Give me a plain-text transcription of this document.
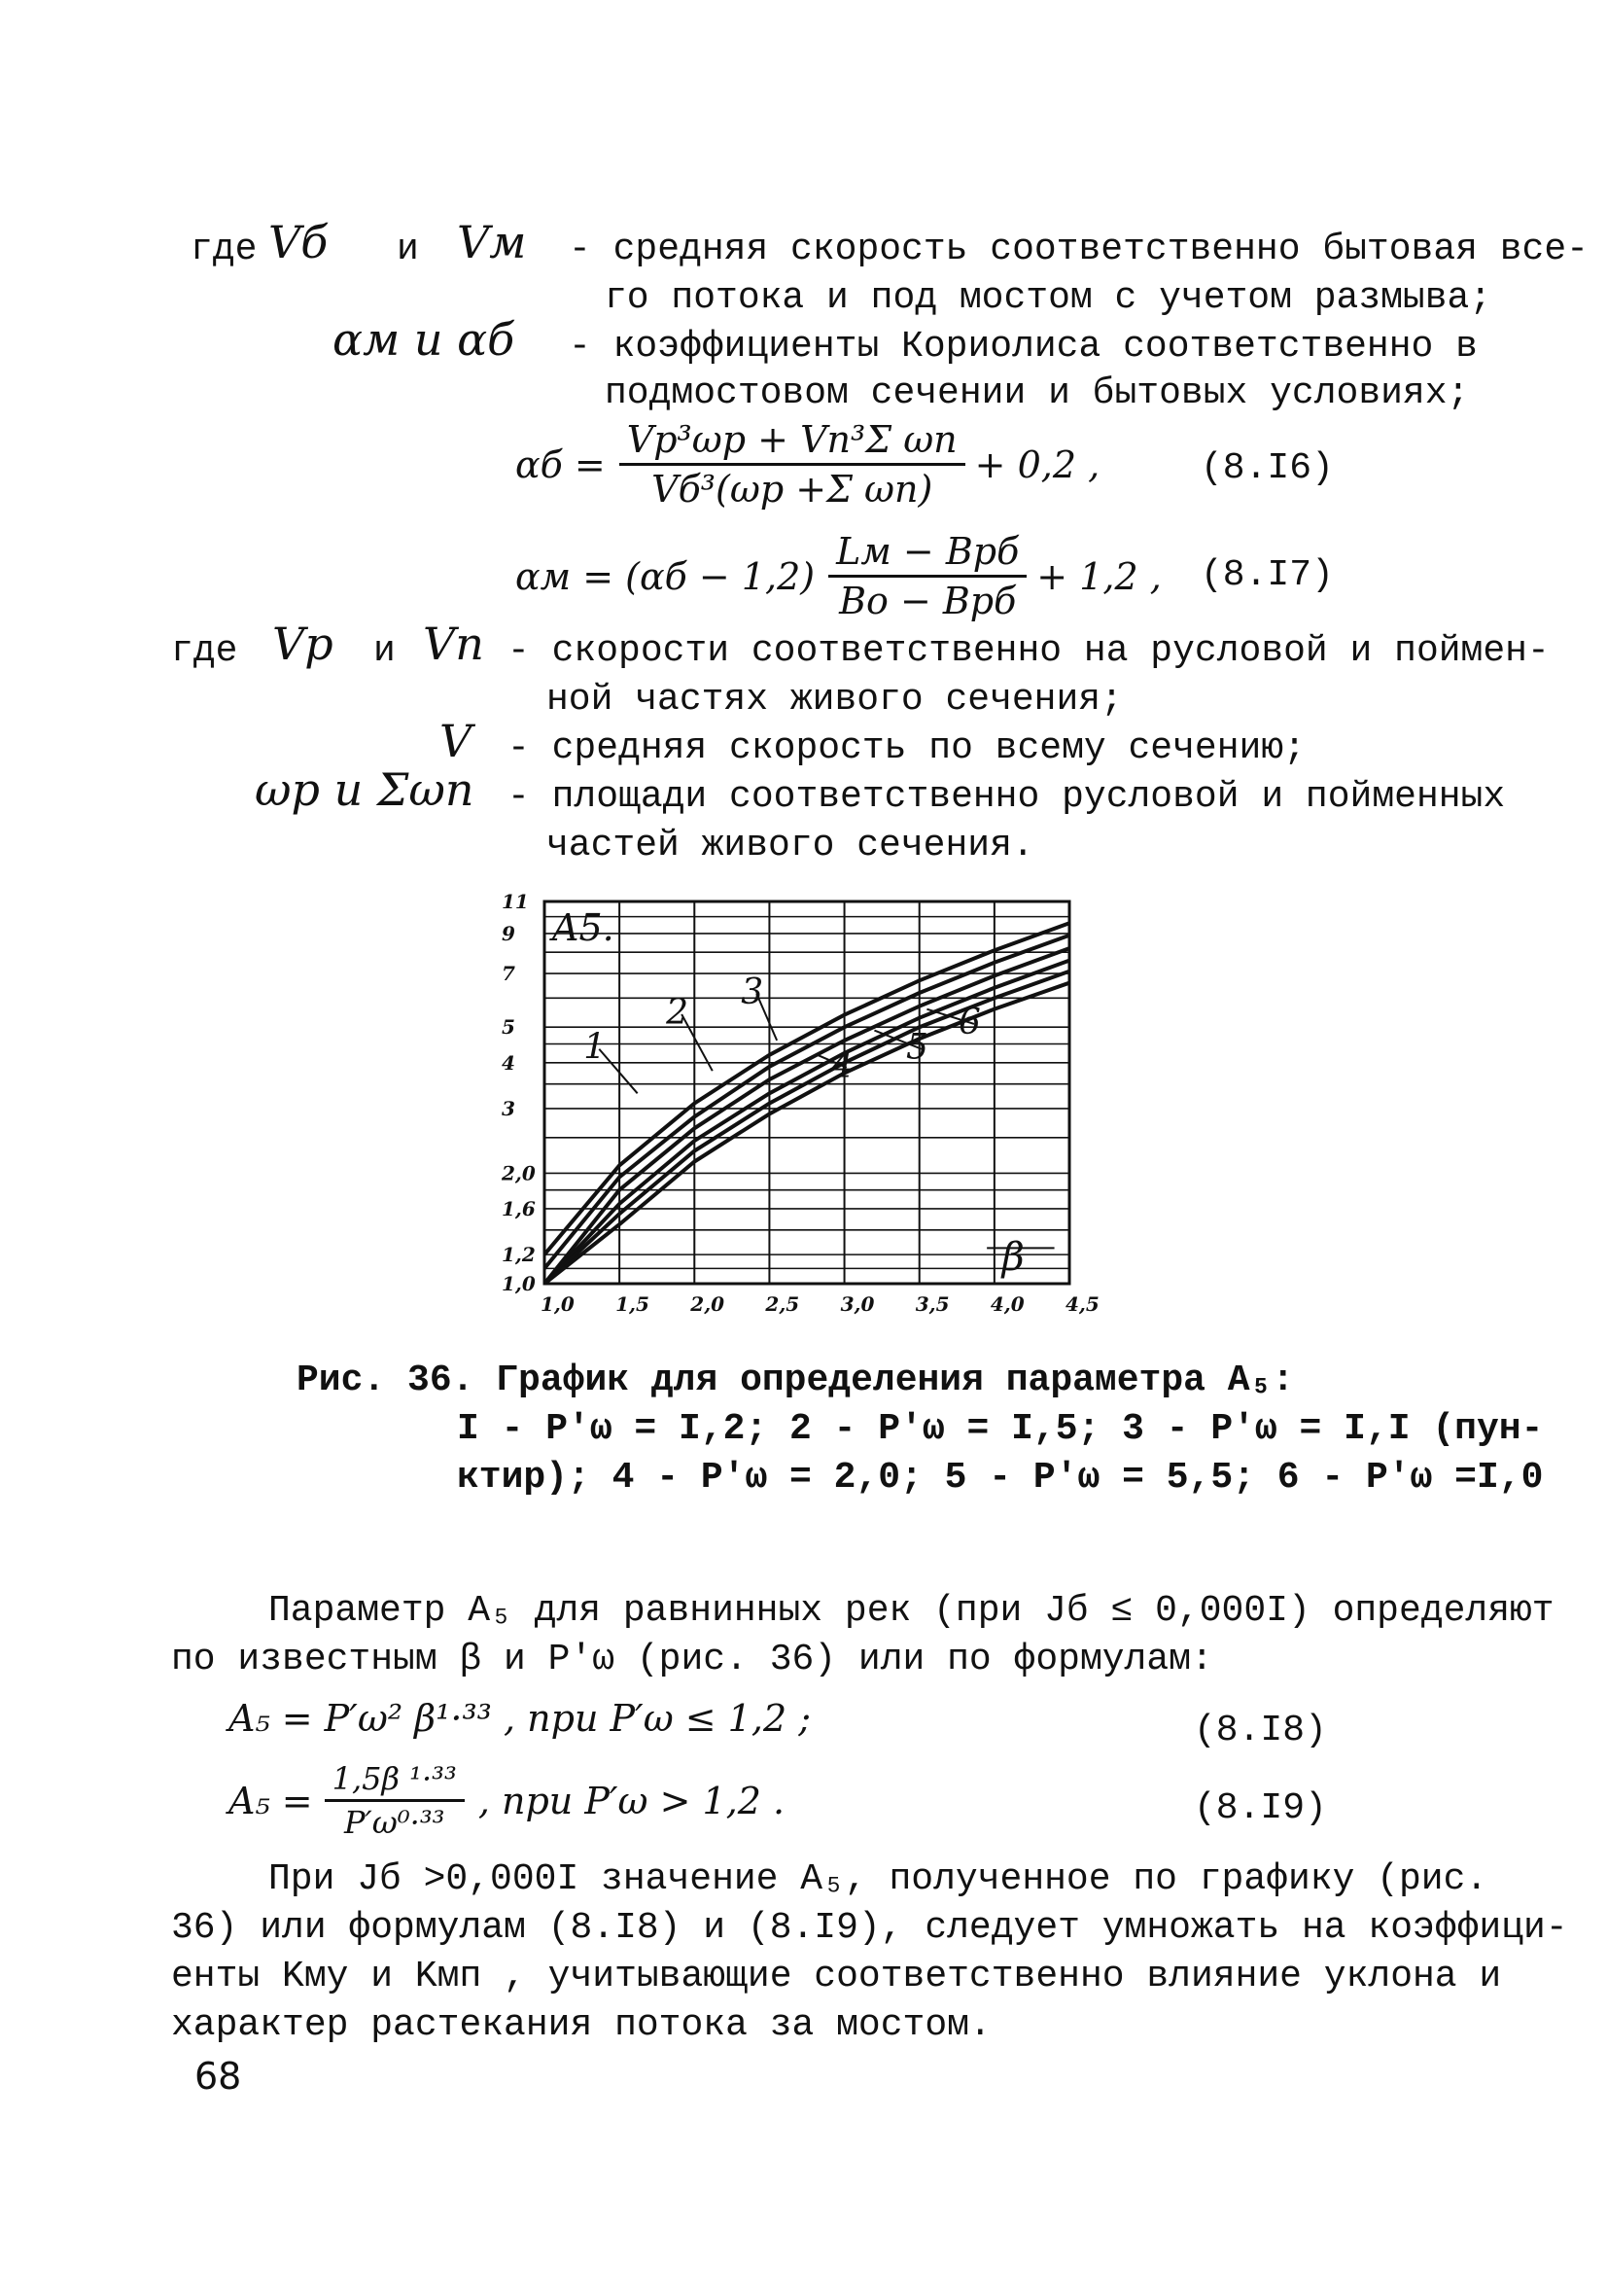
где Vб и Vм - средняя скорость соответственно бытовая все-
го потока и под мостом с учетом размыва;
αм и αб - коэффициенты Кориолиса соответственно в
подмостовом сечении и бытовых условиях;
$\alpha б = \frac{\text{Vр³ωр + Vп³Σ ωп}}{\text{Vб³(ωр +Σ ωп)}} + 0,2$ ,	(8.I6)
$\alpha м = (\alpha б - 1,2) \frac{\text{Lм − Bрб}}{\text{Bо − Bрб}} + 1,2$ , (8.I7)
где Vр и Vп - скорости соответственно на русловой и поймен-
ной частях живого сечения;
V - средняя скорость по всему сечению;
ωр и Σωп - площади соответственно русловой и пойменных
частей живого сечения.
1,0 1,5 2,0 2,5 3,0 3,5 4,0 4,5
1,0
1,2
1,6
2,0
3
4
5
7
9
11
A5.
β
1
2
3
4 5
6
Рис. 36. График для определения параметра A₅:
I - P′ω = I,2; 2 - P′ω = I,5; 3 - P′ω = I,I (пун-
ктир); 4 - P′ω = 2,0; 5 - P′ω = 5,5; 6 - P′ω =I,0
Параметр A₅ для равнинных рек (при Jб ≤ 0,000I) определяют
по известным β и P′ω (рис. 36) или по формулам:
A₅ = P′ω² β¹·³³ , при P′ω ≤ 1,2 ;	(8.I8)
$A_5 = \frac{\text{1,5β ¹·³³}}{\text{P′ω⁰·³³}}$ , при P′ω > 1,2 .	(8.I9)
При Jб >0,000I значение A₅, полученное по графику (рис.
36) или формулам (8.I8) и (8.I9), следует умножать на коэффици-
енты Kму и Kмп , учитывающие соответственно влияние уклона и
характер растекания потока за мостом.
68
